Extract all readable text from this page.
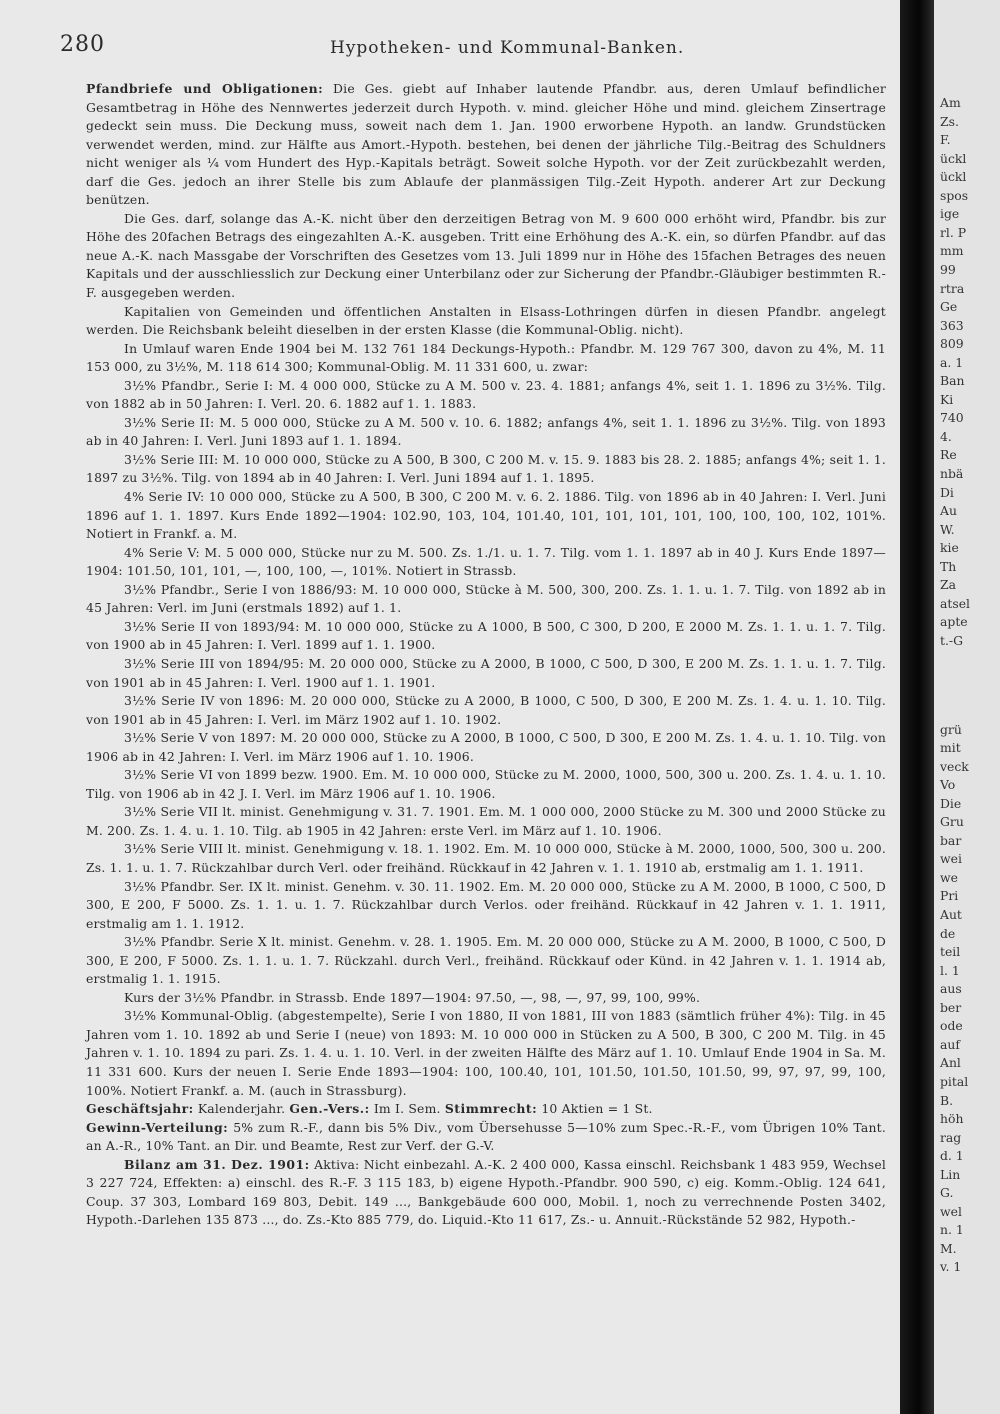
280	Hypotheken- und Kommunal-Banken.

Pfandbriefe und Obligationen: Die Ges. giebt auf Inhaber lautende Pfandbr. aus, deren Umlauf befindlicher Gesamtbetrag in Höhe des Nennwertes jederzeit durch Hypoth. v. mind. gleicher Höhe und mind. gleichem Zinsertrage gedeckt sein muss. Die Deckung muss, soweit nach dem 1. Jan. 1900 erworbene Hypoth. an landw. Grundstücken verwendet werden, mind. zur Hälfte aus Amort.-Hypoth. bestehen, bei denen der jährliche Tilg.-Beitrag des Schuldners nicht weniger als ¼ vom Hundert des Hyp.-Kapitals beträgt. Soweit solche Hypoth. vor der Zeit zurückbezahlt werden, darf die Ges. jedoch an ihrer Stelle bis zum Ablaufe der planmässigen Tilg.-Zeit Hypoth. anderer Art zur Deckung benützen.

Die Ges. darf, solange das A.-K. nicht über den derzeitigen Betrag von M. 9 600 000 erhöht wird, Pfandbr. bis zur Höhe des 20fachen Betrags des eingezahlten A.-K. ausgeben. Tritt eine Erhöhung des A.-K. ein, so dürfen Pfandbr. auf das neue A.-K. nach Massgabe der Vorschriften des Gesetzes vom 13. Juli 1899 nur in Höhe des 15fachen Betrages des neuen Kapitals und der ausschliesslich zur Deckung einer Unterbilanz oder zur Sicherung der Pfandbr.-Gläubiger bestimmten R.-F. ausgegeben werden.

Kapitalien von Gemeinden und öffentlichen Anstalten in Elsass-Lothringen dürfen in diesen Pfandbr. angelegt werden. Die Reichsbank beleiht dieselben in der ersten Klasse (die Kommunal-Oblig. nicht).

In Umlauf waren Ende 1904 bei M. 132 761 184 Deckungs-Hypoth.: Pfandbr. M. 129 767 300, davon zu 4%, M. 11 153 000, zu 3½%, M. 118 614 300; Kommunal-Oblig. M. 11 331 600, u. zwar:

3½% Pfandbr., Serie I: M. 4 000 000, Stücke zu A M. 500 v. 23. 4. 1881; anfangs 4%, seit 1. 1. 1896 zu 3½%. Tilg. von 1882 ab in 50 Jahren: I. Verl. 20. 6. 1882 auf 1. 1. 1883.

3½% Serie II: M. 5 000 000, Stücke zu A M. 500 v. 10. 6. 1882; anfangs 4%, seit 1. 1. 1896 zu 3½%. Tilg. von 1893 ab in 40 Jahren: I. Verl. Juni 1893 auf 1. 1. 1894.

3½% Serie III: M. 10 000 000, Stücke zu A 500, B 300, C 200 M. v. 15. 9. 1883 bis 28. 2. 1885; anfangs 4%; seit 1. 1. 1897 zu 3½%. Tilg. von 1894 ab in 40 Jahren: I. Verl. Juni 1894 auf 1. 1. 1895.

4% Serie IV: 10 000 000, Stücke zu A 500, B 300, C 200 M. v. 6. 2. 1886. Tilg. von 1896 ab in 40 Jahren: I. Verl. Juni 1896 auf 1. 1. 1897. Kurs Ende 1892—1904: 102.90, 103, 104, 101.40, 101, 101, 101, 101, 100, 100, 100, 102, 101%. Notiert in Frankf. a. M.

4% Serie V: M. 5 000 000, Stücke nur zu M. 500. Zs. 1./1. u. 1. 7. Tilg. vom 1. 1. 1897 ab in 40 J. Kurs Ende 1897—1904: 101.50, 101, 101, —, 100, 100, —, 101%. Notiert in Strassb.

3½% Pfandbr., Serie I von 1886/93: M. 10 000 000, Stücke à M. 500, 300, 200. Zs. 1. 1. u. 1. 7. Tilg. von 1892 ab in 45 Jahren: Verl. im Juni (erstmals 1892) auf 1. 1.

3½% Serie II von 1893/94: M. 10 000 000, Stücke zu A 1000, B 500, C 300, D 200, E 2000 M. Zs. 1. 1. u. 1. 7. Tilg. von 1900 ab in 45 Jahren: I. Verl. 1899 auf 1. 1. 1900.

3½% Serie III von 1894/95: M. 20 000 000, Stücke zu A 2000, B 1000, C 500, D 300, E 200 M. Zs. 1. 1. u. 1. 7. Tilg. von 1901 ab in 45 Jahren: I. Verl. 1900 auf 1. 1. 1901.

3½% Serie IV von 1896: M. 20 000 000, Stücke zu A 2000, B 1000, C 500, D 300, E 200 M. Zs. 1. 4. u. 1. 10. Tilg. von 1901 ab in 45 Jahren: I. Verl. im März 1902 auf 1. 10. 1902.

3½% Serie V von 1897: M. 20 000 000, Stücke zu A 2000, B 1000, C 500, D 300, E 200 M. Zs. 1. 4. u. 1. 10. Tilg. von 1906 ab in 42 Jahren: I. Verl. im März 1906 auf 1. 10. 1906.

3½% Serie VI von 1899 bezw. 1900. Em. M. 10 000 000, Stücke zu M. 2000, 1000, 500, 300 u. 200. Zs. 1. 4. u. 1. 10. Tilg. von 1906 ab in 42 J. I. Verl. im März 1906 auf 1. 10. 1906.

3½% Serie VII lt. minist. Genehmigung v. 31. 7. 1901. Em. M. 1 000 000, 2000 Stücke zu M. 300 und 2000 Stücke zu M. 200. Zs. 1. 4. u. 1. 10. Tilg. ab 1905 in 42 Jahren: erste Verl. im März auf 1. 10. 1906.

3½% Serie VIII lt. minist. Genehmigung v. 18. 1. 1902. Em. M. 10 000 000, Stücke à M. 2000, 1000, 500, 300 u. 200. Zs. 1. 1. u. 1. 7. Rückzahlbar durch Verl. oder freihänd. Rückkauf in 42 Jahren v. 1. 1. 1910 ab, erstmalig am 1. 1. 1911.

3½% Pfandbr. Ser. IX lt. minist. Genehm. v. 30. 11. 1902. Em. M. 20 000 000, Stücke zu A M. 2000, B 1000, C 500, D 300, E 200, F 5000. Zs. 1. 1. u. 1. 7. Rückzahlbar durch Verlos. oder freihänd. Rückkauf in 42 Jahren v. 1. 1. 1911, erstmalig am 1. 1. 1912.

3½% Pfandbr. Serie X lt. minist. Genehm. v. 28. 1. 1905. Em. M. 20 000 000, Stücke zu A M. 2000, B 1000, C 500, D 300, E 200, F 5000. Zs. 1. 1. u. 1. 7. Rückzahl. durch Verl., freihänd. Rückkauf oder Künd. in 42 Jahren v. 1. 1. 1914 ab, erstmalig 1. 1. 1915.

Kurs der 3½% Pfandbr. in Strassb. Ende 1897—1904: 97.50, —, 98, —, 97, 99, 100, 99%.

3½% Kommunal-Oblig. (abgestempelte), Serie I von 1880, II von 1881, III von 1883 (sämtlich früher 4%): Tilg. in 45 Jahren vom 1. 10. 1892 ab und Serie I (neue) von 1893: M. 10 000 000 in Stücken zu A 500, B 300, C 200 M. Tilg. in 45 Jahren v. 1. 10. 1894 zu pari. Zs. 1. 4. u. 1. 10. Verl. in der zweiten Hälfte des März auf 1. 10. Umlauf Ende 1904 in Sa. M. 11 331 600. Kurs der neuen I. Serie Ende 1893—1904: 100, 100.40, 101, 101.50, 101.50, 101.50, 99, 97, 97, 99, 100, 100%. Notiert Frankf. a. M. (auch in Strassburg).

Geschäftsjahr: Kalenderjahr. Gen.-Vers.: Im I. Sem. Stimmrecht: 10 Aktien = 1 St.

Gewinn-Verteilung: 5% zum R.-F., dann bis 5% Div., vom Übersehusse 5—10% zum Spec.-R.-F., vom Übrigen 10% Tant. an A.-R., 10% Tant. an Dir. und Beamte, Rest zur Verf. der G.-V.

Bilanz am 31. Dez. 1901: Aktiva: Nicht einbezahl. A.-K. 2 400 000, Kassa einschl. Reichsbank 1 483 959, Wechsel 3 227 724, Effekten: a) einschl. des R.-F. 3 115 183, b) eigene Hypoth.-Pfandbr. 900 590, c) eig. Komm.-Oblig. 124 641, Coup. 37 303, Lombard 169 803, Debit. 149 ..., Bankgebäude 600 000, Mobil. 1, noch zu verrechnende Posten 3402, Hypoth.-Darlehen 135 873 ..., do. Zs.-Kto 885 779, do. Liquid.-Kto 11 617, Zs.- u. Annuit.-Rückstände 52 982, Hypoth.-

Am
Zs.
F.
ückl
ückl
spos
ige
rl. P
mm
99
rtra
Ge
363
809
a. 1
Ban
Ki
740
4.
Re
nbä
Di
Au
W.
kie
Th
Za
atsel
apte
t.-G
grü
mit
veck
Vo
Die
Gru
bar
wei
we
Pri
Aut
de
teil
l. 1
aus
ber
ode
auf
Anl
pital
B.
höh
rag
d. 1
Lin
G.
wel
n. 1
M.
v. 1
